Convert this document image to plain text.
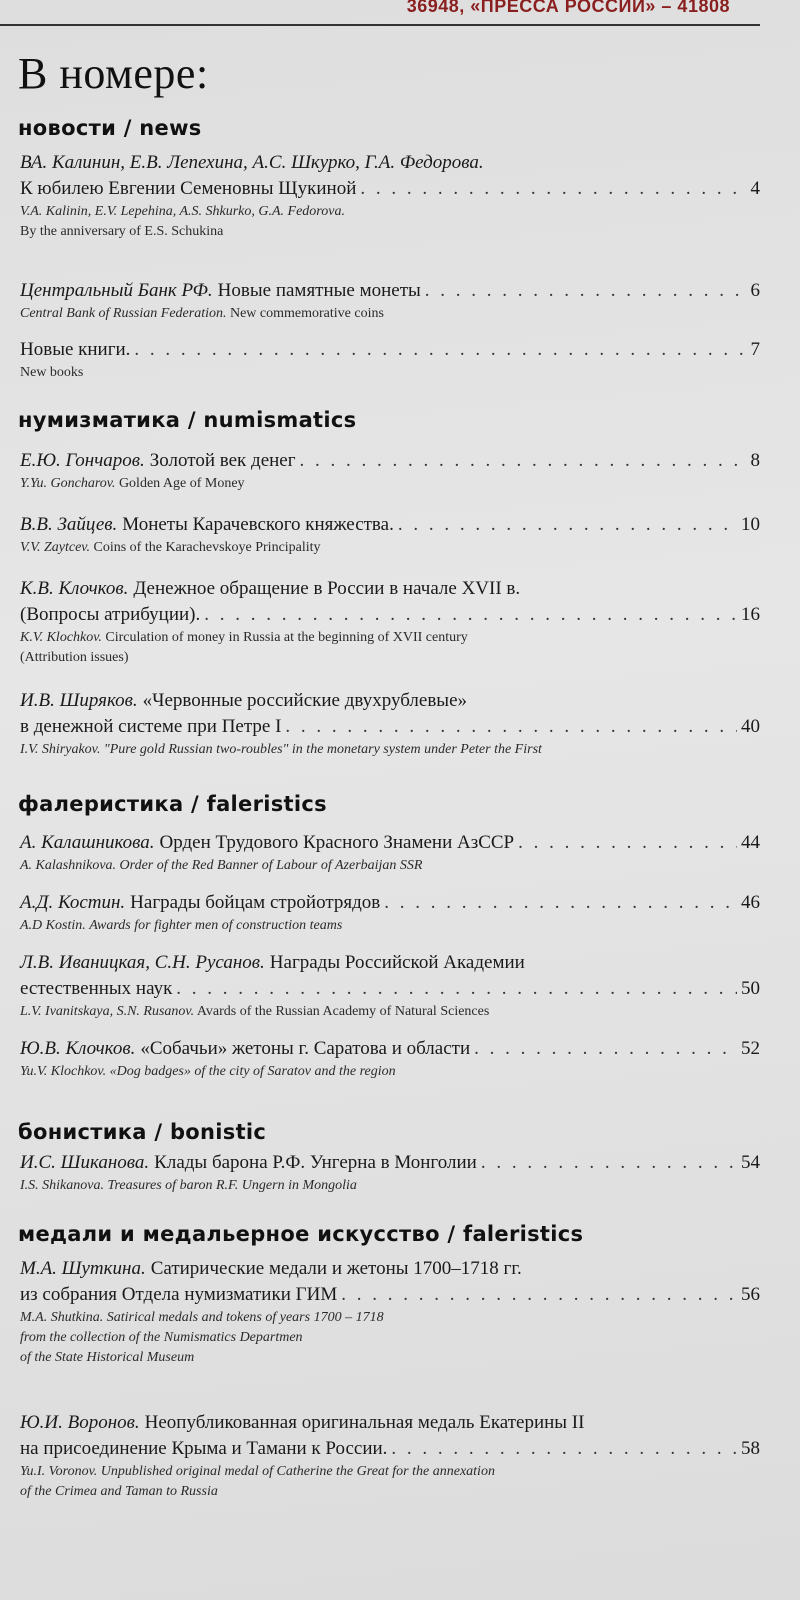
36948, «ПРЕССА РОССИИ» – 41808
В номере:
новости / news
ВА. Калинин, Е.В. Лепехина, А.С. Шкурко, Г.А. Федорова.
К юбилею Евгении Семеновны Щукиной . . .	4
V.A. Kalinin, E.V. Lepehina, A.S. Shkurko, G.A. Fedorova.
By the anniversary of E.S. Schukina
Центральный Банк РФ. Новые памятные монеты . . .	6
Central Bank of Russian Federation. New commemorative coins
Новые книги. . . .	7
New books
нумизматика / numismatics
Е.Ю. Гончаров. Золотой век денег . . .	8
Y.Yu. Goncharov. Golden Age of Money
В.В. Зайцев. Монеты Карачевского княжества. . . .	10
V.V. Zaytcev. Coins of the Karachevskoye Principality
К.В. Клочков. Денежное обращение в России в начале XVII в.
(Вопросы атрибуции). . . .	16
K.V. Klochkov. Circulation of money in Russia at the beginning of XVII century
(Attribution issues)
И.В. Ширяков. «Червонные российские двухрублевые»
в денежной системе при Петре I . . .	40
I.V. Shiryakov. "Pure gold Russian two-roubles" in the monetary system under Peter the First
фалеристика / faleristics
А. Калашникова. Орден Трудового Красного Знамени АзССР . . .	44
A. Kalashnikova. Order of the Red Banner of Labour of Azerbaijan SSR
А.Д. Костин. Награды бойцам стройотрядов . . .	46
A.D Kostin. Awards for fighter men of construction teams
Л.В. Иваницкая, С.Н. Русанов. Награды Российской Академии
естественных наук . . .	50
L.V. Ivanitskaya, S.N. Rusanov. Avards of the Russian Academy of Natural Sciences
Ю.В. Клочков. «Собачьи» жетоны г. Саратова и области . . .	52
Yu.V. Klochkov. «Dog badges» of the city of Saratov and the region
бонистика / bonistic
И.С. Шиканова. Клады барона Р.Ф. Унгерна в Монголии . . .	54
I.S. Shikanova. Treasures of baron R.F. Ungern in Mongolia
медали и медальерное искусство / faleristics
М.А. Шуткина. Сатирические медали и жетоны 1700–1718 гг.
из собрания Отдела нумизматики ГИМ . . .	56
M.A. Shutkina. Satirical medals and tokens of years 1700 – 1718
from the collection of the Numismatics Departmen
of the State Historical Museum
Ю.И. Воронов. Неопубликованная оригинальная медаль Екатерины II
на присоединение Крыма и Тамани к России. . . .	58
Yu.I. Voronov. Unpublished original medal of Catherine the Great for the annexation
of the Crimea and Taman to Russia
